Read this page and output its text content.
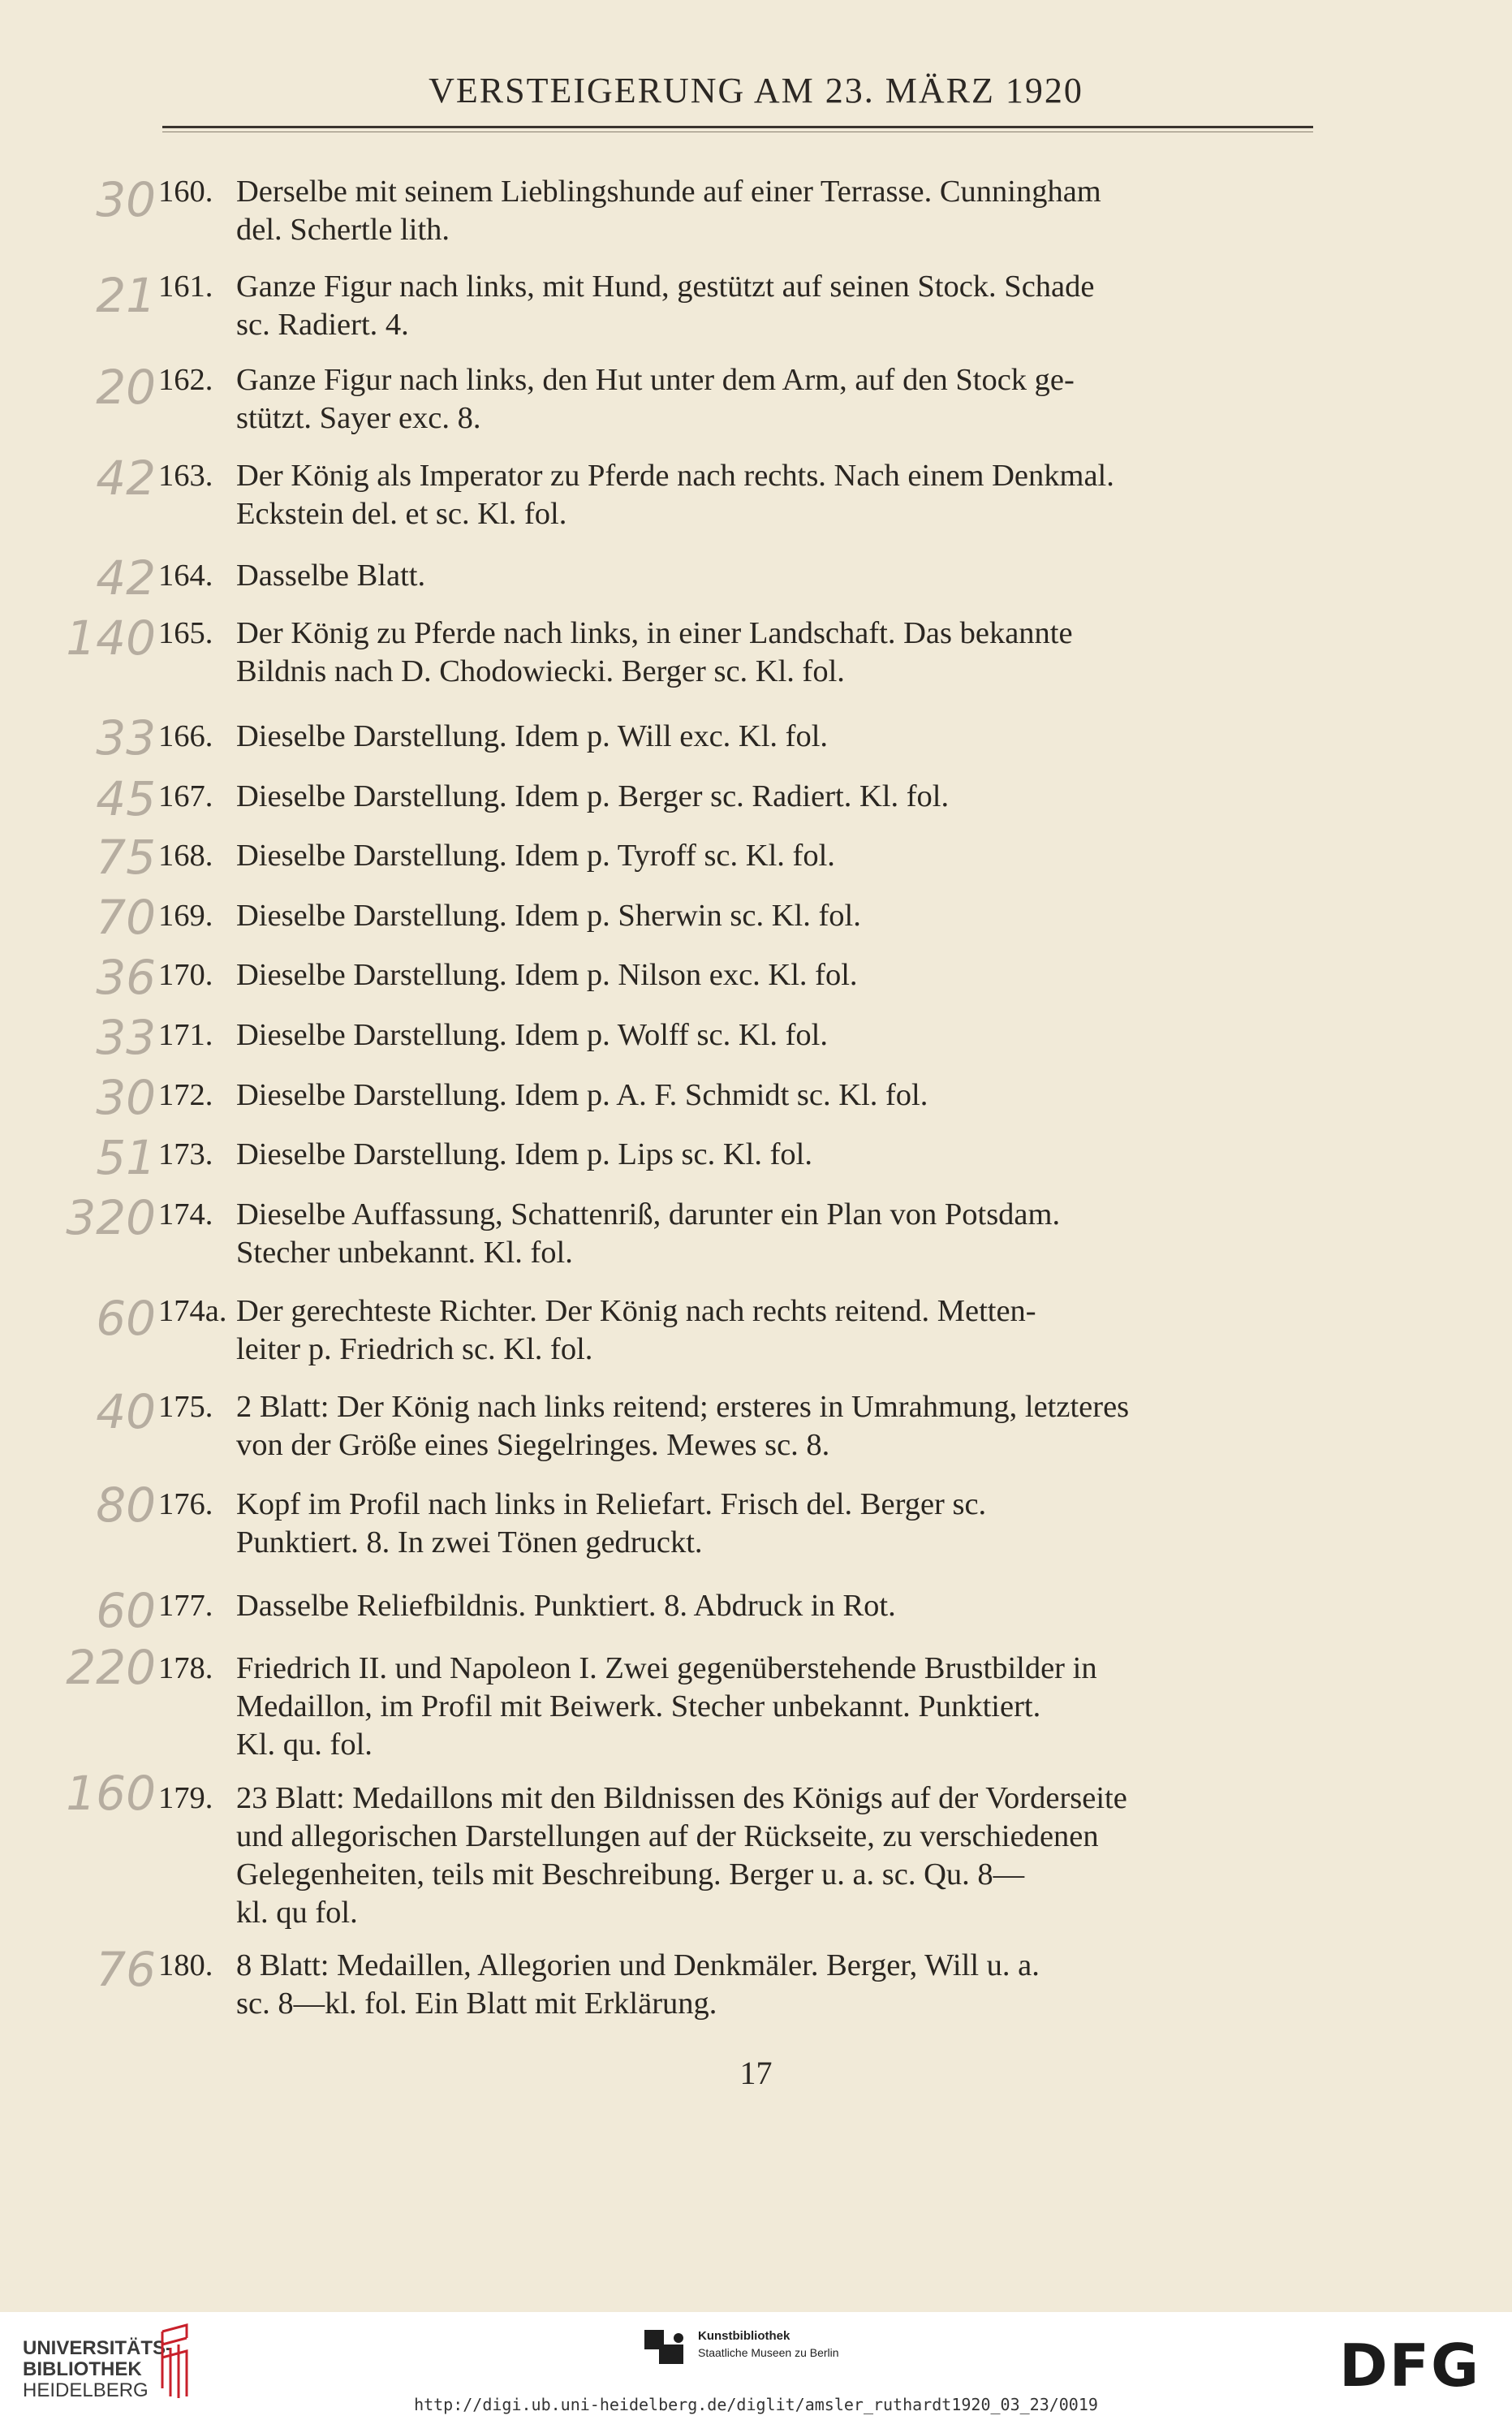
VERSTEIGERUNG AM 23. MÄRZ 1920
30 160. Derselbe mit seinem Lieblingshunde auf einer Terrasse. Cunningham
del. Schertle lith.
21 161. Ganze Figur nach links, mit Hund, gestützt auf seinen Stock. Schade
sc. Radiert. 4.
20 162. Ganze Figur nach links, den Hut unter dem Arm, auf den Stock ge-
stützt. Sayer exc. 8.
42 163. Der König als Imperator zu Pferde nach rechts. Nach einem Denkmal.
Eckstein del. et sc. Kl. fol.
42 164. Dasselbe Blatt.
140 165. Der König zu Pferde nach links, in einer Landschaft. Das bekannte
Bildnis nach D. Chodowiecki. Berger sc. Kl. fol.
33 166. Dieselbe Darstellung. Idem p. Will exc. Kl. fol.
45 167. Dieselbe Darstellung. Idem p. Berger sc. Radiert. Kl. fol.
75 168. Dieselbe Darstellung. Idem p. Tyroff sc. Kl. fol.
70 169. Dieselbe Darstellung. Idem p. Sherwin sc. Kl. fol.
36 170. Dieselbe Darstellung. Idem p. Nilson exc. Kl. fol.
33 171. Dieselbe Darstellung. Idem p. Wolff sc. Kl. fol.
30 172. Dieselbe Darstellung. Idem p. A. F. Schmidt sc. Kl. fol.
51 173. Dieselbe Darstellung. Idem p. Lips sc. Kl. fol.
320 174. Dieselbe Auffassung, Schattenriß, darunter ein Plan von Potsdam.
Stecher unbekannt. Kl. fol.
60 174a. Der gerechteste Richter. Der König nach rechts reitend. Metten-
leiter p. Friedrich sc. Kl. fol.
40 175. 2 Blatt: Der König nach links reitend; ersteres in Umrahmung, letzteres
von der Größe eines Siegelringes. Mewes sc. 8.
80 176. Kopf im Profil nach links in Reliefart. Frisch del. Berger sc.
Punktiert. 8. In zwei Tönen gedruckt.
60 177. Dasselbe Reliefbildnis. Punktiert. 8. Abdruck in Rot.
220 178. Friedrich II. und Napoleon I. Zwei gegenüberstehende Brustbilder in
Medaillon, im Profil mit Beiwerk. Stecher unbekannt. Punktiert.
Kl. qu. fol.
160 179. 23 Blatt: Medaillons mit den Bildnissen des Königs auf der Vorderseite
und allegorischen Darstellungen auf der Rückseite, zu verschiedenen
Gelegenheiten, teils mit Beschreibung. Berger u. a. sc. Qu. 8—
kl. qu fol.
76 180. 8 Blatt: Medaillen, Allegorien und Denkmäler. Berger, Will u. a.
sc. 8—kl. fol. Ein Blatt mit Erklärung.
17
UNIVERSITÄTS-
BIBLIOTHEK
HEIDELBERG
Kunstbibliothek
Staatliche Museen zu Berlin	DFG
http://digi.ub.uni-heidelberg.de/diglit/amsler_ruthardt1920_03_23/0019
